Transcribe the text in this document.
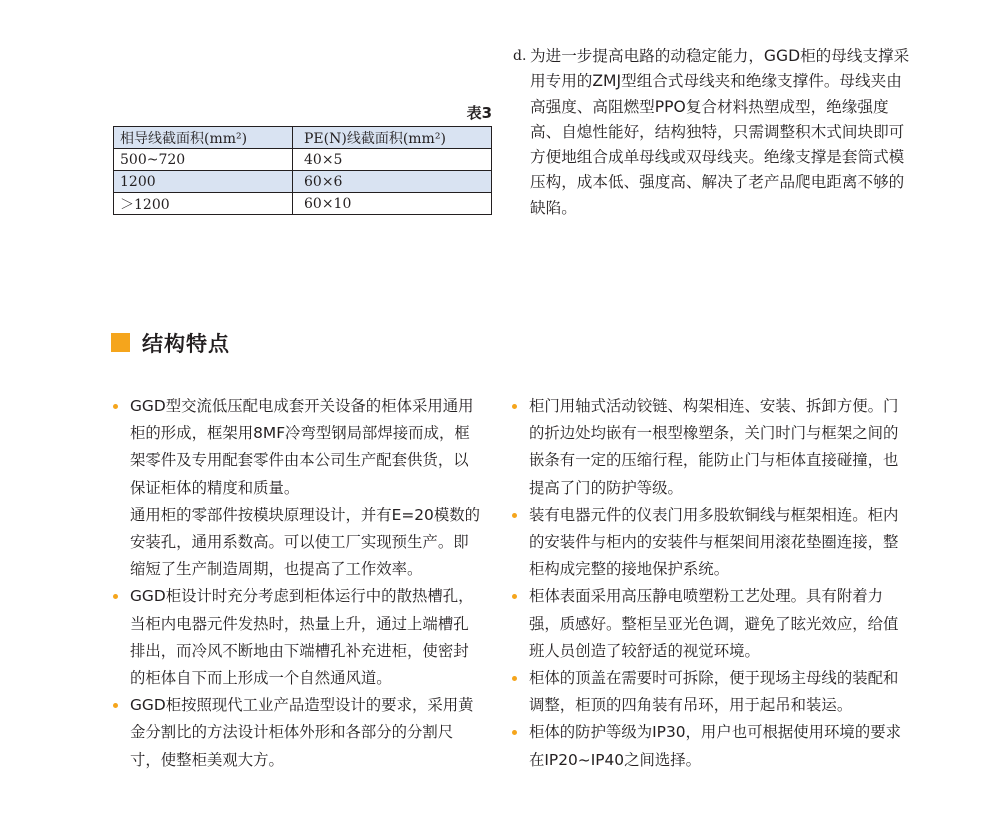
表3
相导线截面积(mm²)	PE(N)线截面积(mm²)
500~720	40×5
1200	60×6
＞1200	60×10
d. 为进一步提高电路的动稳定能力，GGD柜的母线支撑采用专用的ZMJ型组合式母线夹和绝缘支撑件。母线夹由高强度、高阻燃型PPO复合材料热塑成型，绝缘强度高、自熄性能好，结构独特，只需调整积木式间块即可方便地组合成单母线或双母线夹。绝缘支撑是套筒式模压构，成本低、强度高、解决了老产品爬电距离不够的缺陷。
结构特点
GGD型交流低压配电成套开关设备的柜体采用通用柜的形成，框架用8MF冷弯型钢局部焊接而成，框架零件及专用配套零件由本公司生产配套供货，以保证柜体的精度和质量。
通用柜的零部件按模块原理设计，并有E=20模数的安装孔，通用系数高。可以使工厂实现预生产。即缩短了生产制造周期，也提高了工作效率。
GGD柜设计时充分考虑到柜体运行中的散热槽孔，当柜内电器元件发热时，热量上升，通过上端槽孔排出，而冷风不断地由下端槽孔补充进柜，使密封的柜体自下而上形成一个自然通风道。
GGD柜按照现代工业产品造型设计的要求，采用黄金分割比的方法设计柜体外形和各部分的分割尺寸，使整柜美观大方。
柜门用轴式活动铰链、构架相连、安装、拆卸方便。门的折边处均嵌有一根型橡塑条，关门时门与框架之间的嵌条有一定的压缩行程，能防止门与柜体直接碰撞，也提高了门的防护等级。
装有电器元件的仪表门用多股软铜线与框架相连。柜内的安装件与柜内的安装件与框架间用滚花垫圈连接，整柜构成完整的接地保护系统。
柜体表面采用高压静电喷塑粉工艺处理。具有附着力强，质感好。整柜呈亚光色调，避免了眩光效应，给值班人员创造了较舒适的视觉环境。
柜体的顶盖在需要时可拆除，便于现场主母线的装配和调整，柜顶的四角装有吊环，用于起吊和装运。
柜体的防护等级为IP30，用户也可根据使用环境的要求在IP20~IP40之间选择。
